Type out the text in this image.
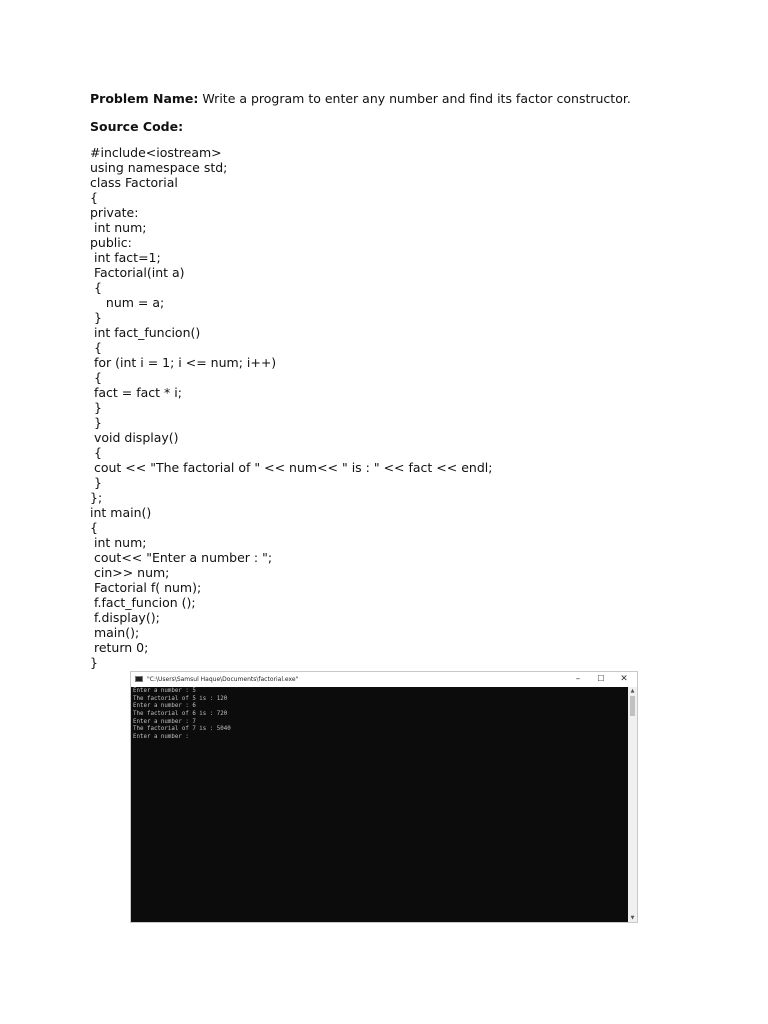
Problem Name: Write a program to enter any number and find its factor constructor.
Source Code:
#include<iostream>
using namespace std;
class Factorial
{
private:
int num;
public:
int fact=1;
Factorial(int a)
{
num = a;
}
int fact_funcion()
{
for (int i = 1; i <= num; i++)
{
fact = fact * i;
}
}
void display()
{
cout << "The factorial of " << num<< " is : " << fact << endl;
}
};
int main()
{
int num;
cout<< "Enter a number : ";
cin>> num;
Factorial f( num);
f.fact_funcion ();
f.display();
main();
return 0;
}
"C:\Users\Samsul Haque\Documents\factorial.exe"	–	☐	✕
Enter a number : 5
The factorial of 5 is : 120
Enter a number : 6
The factorial of 6 is : 720
Enter a number : 7
The factorial of 7 is : 5040
Enter a number :
▲
▼
